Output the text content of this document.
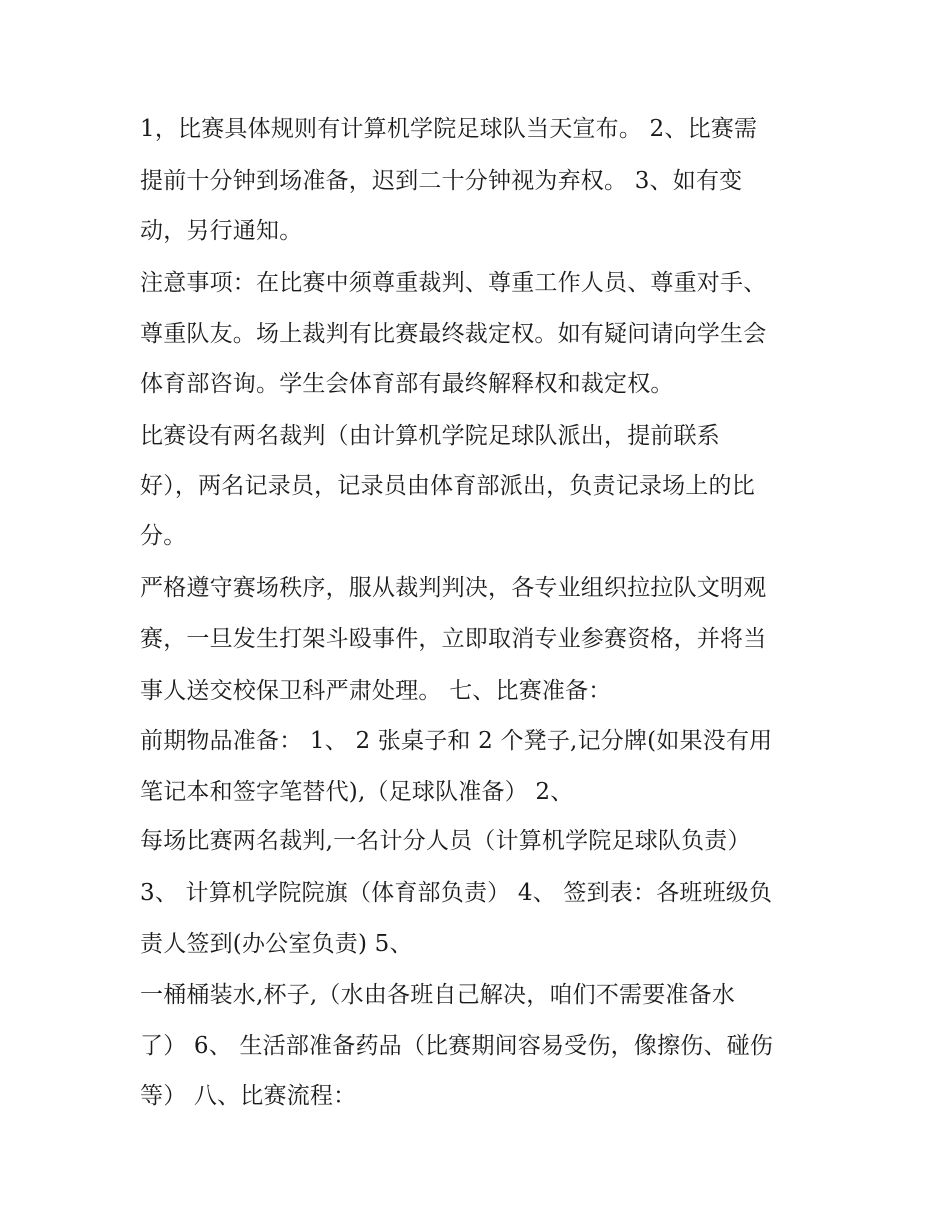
1，比赛具体规则有计算机学院足球队当天宣布。 2、比赛需
提前十分钟到场准备，迟到二十分钟视为弃权。 3、如有变
动，另行通知。
注意事项：在比赛中须尊重裁判、尊重工作人员、尊重对手、
尊重队友。场上裁判有比赛最终裁定权。如有疑问请向学生会
体育部咨询。学生会体育部有最终解释权和裁定权。
比赛设有两名裁判（由计算机学院足球队派出，提前联系
好），两名记录员，记录员由体育部派出，负责记录场上的比
分。
严格遵守赛场秩序，服从裁判判决，各专业组织拉拉队文明观
赛，一旦发生打架斗殴事件，立即取消专业参赛资格，并将当
事人送交校保卫科严肃处理。 七、比赛准备：
前期物品准备： 1、 2 张桌子和 2 个凳子,记分牌(如果没有用
笔记本和签字笔替代),（足球队准备） 2、
每场比赛两名裁判,一名计分人员（计算机学院足球队负责）
3、 计算机学院院旗（体育部负责） 4、 签到表：各班班级负
责人签到(办公室负责) 5、
一桶桶装水,杯子,（水由各班自己解决，咱们不需要准备水
了） 6、 生活部准备药品（比赛期间容易受伤，像擦伤、碰伤
等） 八、比赛流程：
